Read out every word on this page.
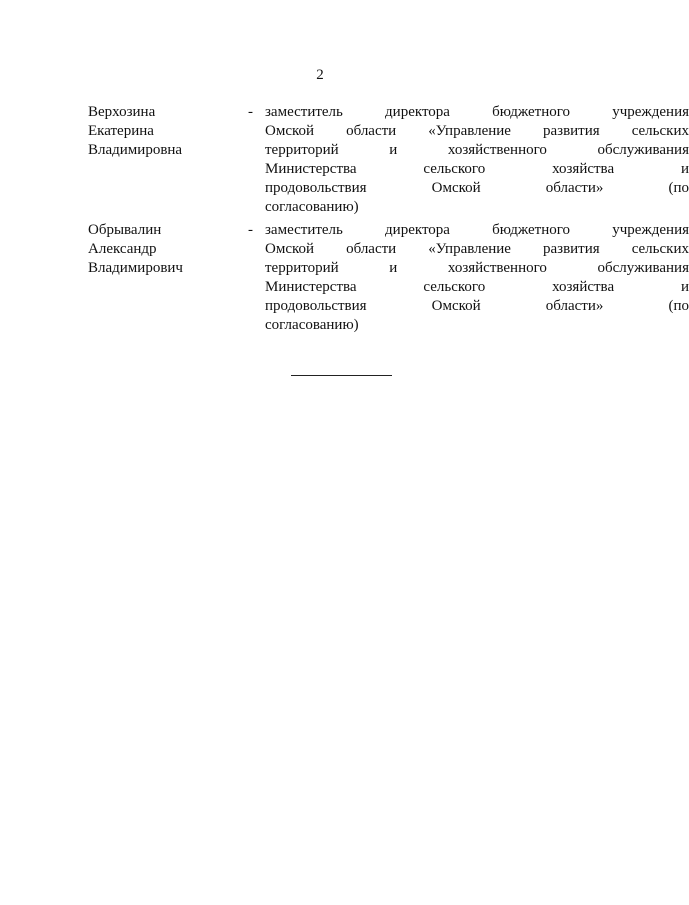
2
Верхозина
Екатерина
Владимировна
- заместитель	директора	бюджетного	учреждения
Омской области «Управление развития сельских
территорий	и	хозяйственного	обслуживания
Министерства	сельского	хозяйства	и
продовольствия	Омской	области»	(по
согласованию)
Обрывалин
Александр
Владимирович
- заместитель	директора	бюджетного	учреждения
Омской области «Управление развития сельских
территорий	и	хозяйственного	обслуживания
Министерства	сельского	хозяйства	и
продовольствия	Омской	области»	(по
согласованию)
